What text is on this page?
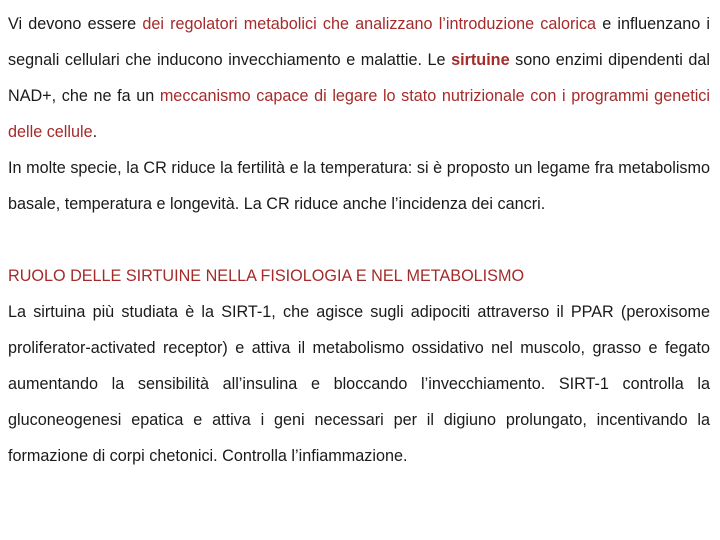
Vi devono essere dei regolatori metabolici che analizzano l’introduzione calorica e influenzano i segnali cellulari che inducono invecchiamento e malattie. Le sirtuine sono enzimi dipendenti dal NAD+, che ne fa un meccanismo capace di legare lo stato nutrizionale con i programmi genetici delle cellule.

In molte specie, la CR riduce la fertilità e la temperatura: si è proposto un legame fra metabolismo basale, temperatura e longevità. La CR riduce anche l’incidenza dei cancri.

RUOLO DELLE SIRTUINE NELLA FISIOLOGIA E NEL METABOLISMO

La sirtuina più studiata è la SIRT-1, che agisce sugli adipociti attraverso il PPAR (peroxisome proliferator-activated receptor) e attiva il metabolismo ossidativo nel muscolo, grasso e fegato aumentando la sensibilità all’insulina e bloccando l’invecchiamento. SIRT-1 controlla la gluconeogenesi epatica e attiva i geni necessari per il digiuno prolungato, incentivando la formazione di corpi chetonici. Controlla l’infiammazione.
